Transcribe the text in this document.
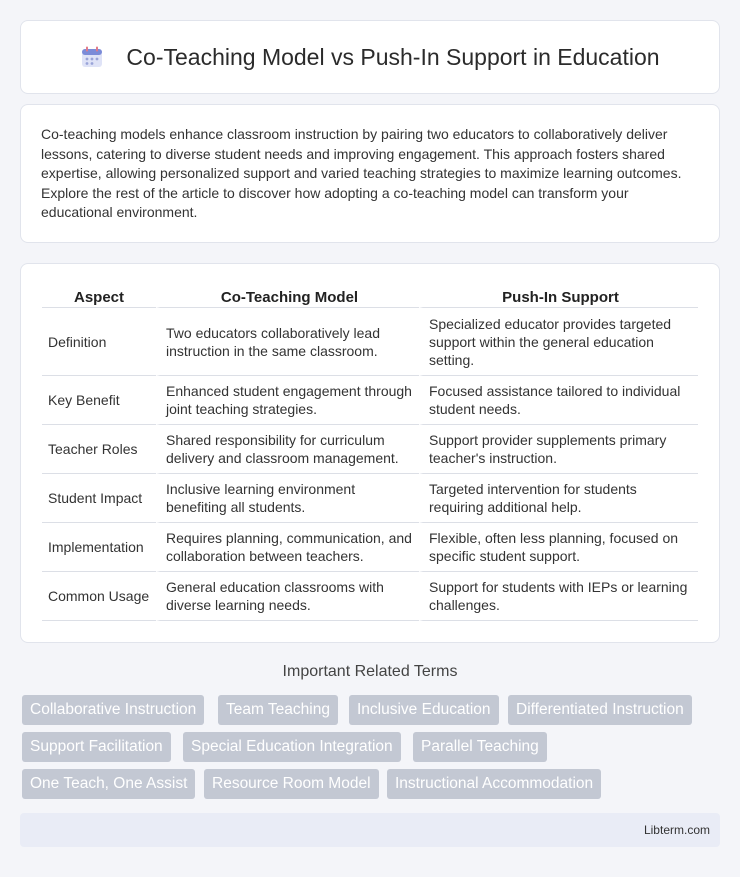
Co-Teaching Model vs Push-In Support in Education

Co-teaching models enhance classroom instruction by pairing two educators to collaboratively deliver lessons, catering to diverse student needs and improving engagement. This approach fosters shared expertise, allowing personalized support and varied teaching strategies to maximize learning outcomes. Explore the rest of the article to discover how adopting a co-teaching model can transform your educational environment.

Aspect	Co-Teaching Model	Push-In Support
Definition	Two educators collaboratively lead instruction in the same classroom.	Specialized educator provides targeted support within the general education setting.
Key Benefit	Enhanced student engagement through joint teaching strategies.	Focused assistance tailored to individual student needs.
Teacher Roles	Shared responsibility for curriculum delivery and classroom management.	Support provider supplements primary teacher's instruction.
Student Impact	Inclusive learning environment benefiting all students.	Targeted intervention for students requiring additional help.
Implementation	Requires planning, communication, and collaboration between teachers.	Flexible, often less planning, focused on specific student support.
Common Usage	General education classrooms with diverse learning needs.	Support for students with IEPs or learning challenges.
Important Related Terms
Collaborative Instruction	Team Teaching	Inclusive Education	Differentiated Instruction
Support Facilitation	Special Education Integration	Parallel Teaching
One Teach, One Assist	Resource Room Model	Instructional Accommodation
Libterm.com
